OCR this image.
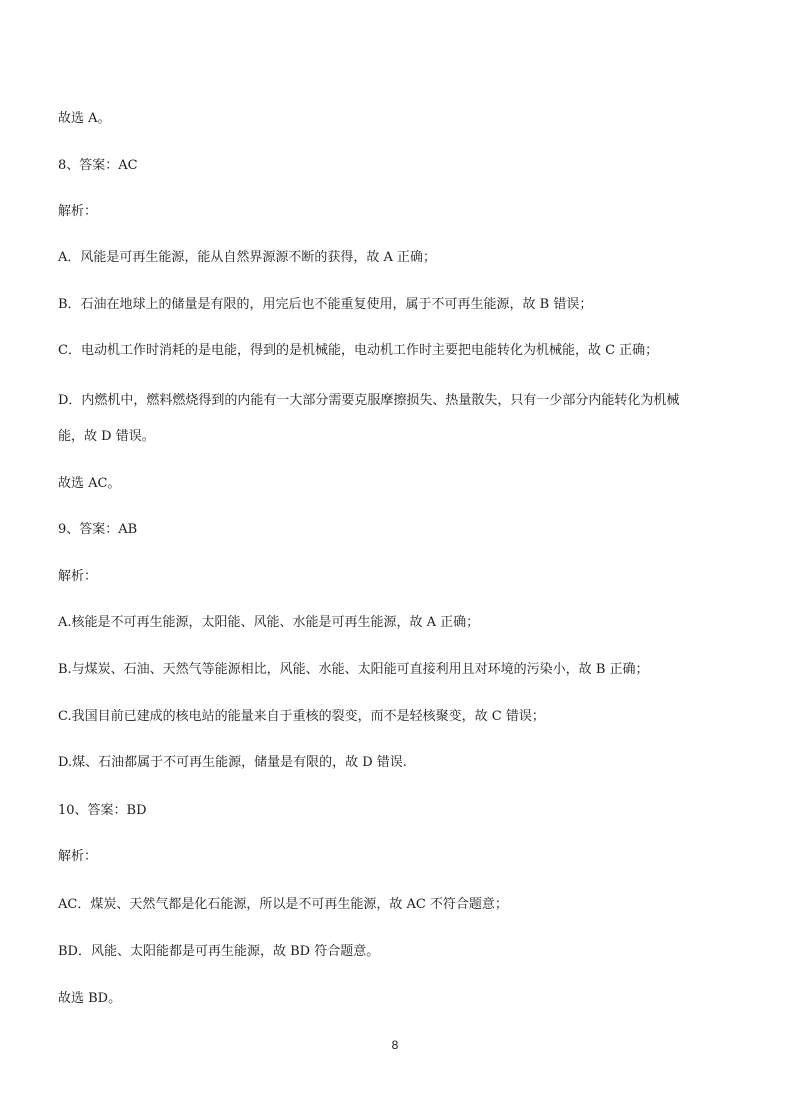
故选 A。
8、答案：AC
解析：
A．风能是可再生能源，能从自然界源源不断的获得，故 A 正确；
B．石油在地球上的储量是有限的，用完后也不能重复使用，属于不可再生能源，故 B 错误；
C．电动机工作时消耗的是电能，得到的是机械能，电动机工作时主要把电能转化为机械能，故 C 正确；
D．内燃机中，燃料燃烧得到的内能有一大部分需要克服摩擦损失、热量散失，只有一少部分内能转化为机械
能，故 D 错误。
故选 AC。
9、答案：AB
解析：
A.核能是不可再生能源，太阳能、风能、水能是可再生能源，故 A 正确；
B.与煤炭、石油、天然气等能源相比，风能、水能、太阳能可直接利用且对环境的污染小，故 B 正确；
C.我国目前已建成的核电站的能量来自于重核的裂变，而不是轻核聚变，故 C 错误；
D.煤、石油都属于不可再生能源，储量是有限的，故 D 错误.
10、答案：BD
解析：
AC．煤炭、天然气都是化石能源，所以是不可再生能源，故 AC 不符合题意；
BD．风能、太阳能都是可再生能源，故 BD 符合题意。
故选 BD。
8
